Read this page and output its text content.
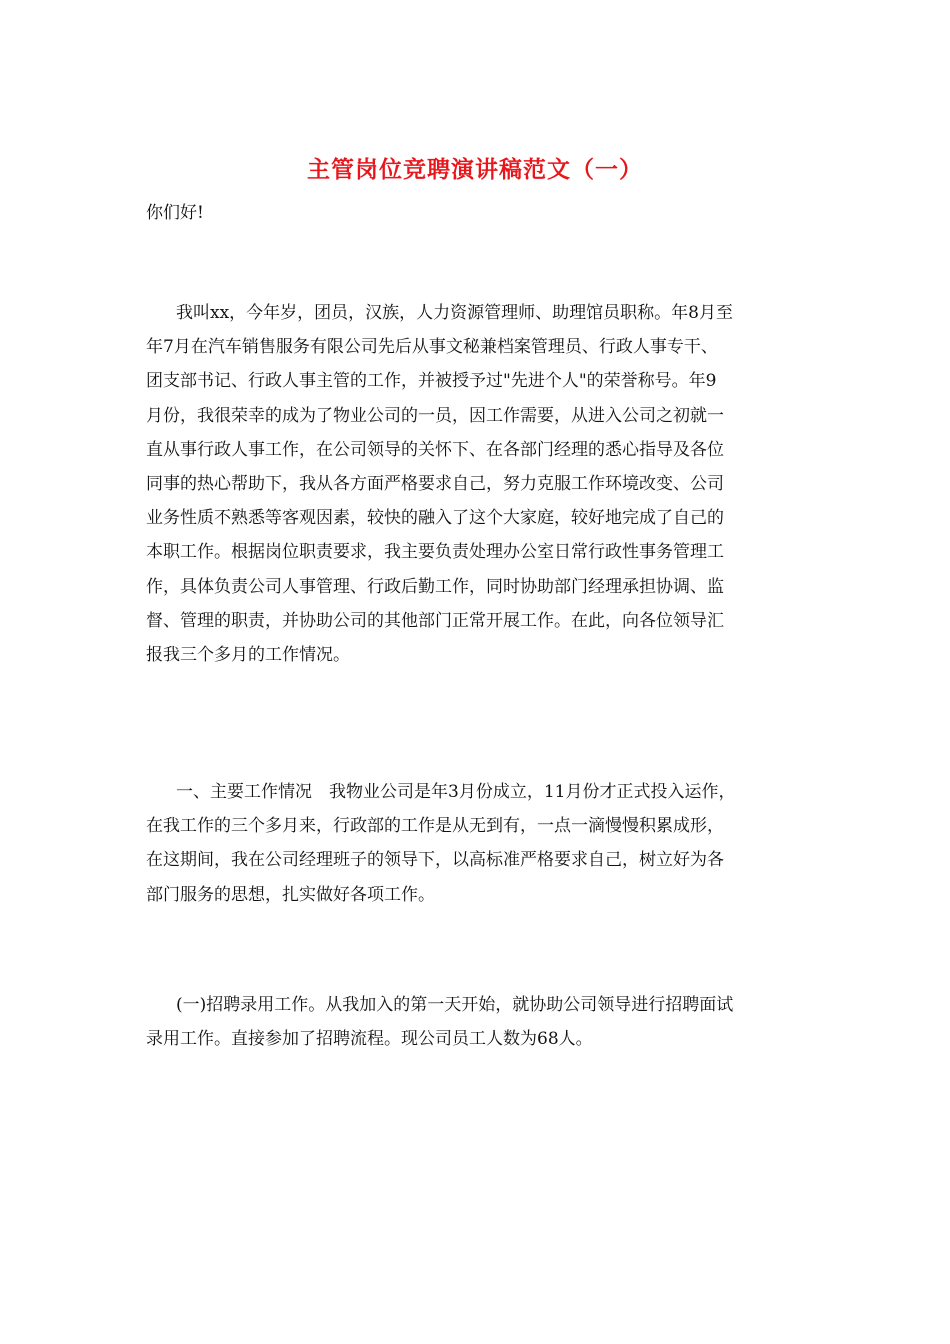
主管岗位竞聘演讲稿范文（一）
你们好!
我叫xx，今年岁，团员，汉族，人力资源管理师、助理馆员职称。年8月至
年7月在汽车销售服务有限公司先后从事文秘兼档案管理员、行政人事专干、
团支部书记、行政人事主管的工作，并被授予过"先进个人"的荣誉称号。年9
月份，我很荣幸的成为了物业公司的一员，因工作需要，从进入公司之初就一
直从事行政人事工作，在公司领导的关怀下、在各部门经理的悉心指导及各位
同事的热心帮助下，我从各方面严格要求自己，努力克服工作环境改变、公司
业务性质不熟悉等客观因素，较快的融入了这个大家庭，较好地完成了自己的
本职工作。根据岗位职责要求，我主要负责处理办公室日常行政性事务管理工
作，具体负责公司人事管理、行政后勤工作，同时协助部门经理承担协调、监
督、管理的职责，并协助公司的其他部门正常开展工作。在此，向各位领导汇
报我三个多月的工作情况。
一、主要工作情况　我物业公司是年3月份成立，11月份才正式投入运作，
在我工作的三个多月来，行政部的工作是从无到有，一点一滴慢慢积累成形，
在这期间，我在公司经理班子的领导下，以高标准严格要求自己，树立好为各
部门服务的思想，扎实做好各项工作。
(一)招聘录用工作。从我加入的第一天开始，就协助公司领导进行招聘面试
录用工作。直接参加了招聘流程。现公司员工人数为68人。
